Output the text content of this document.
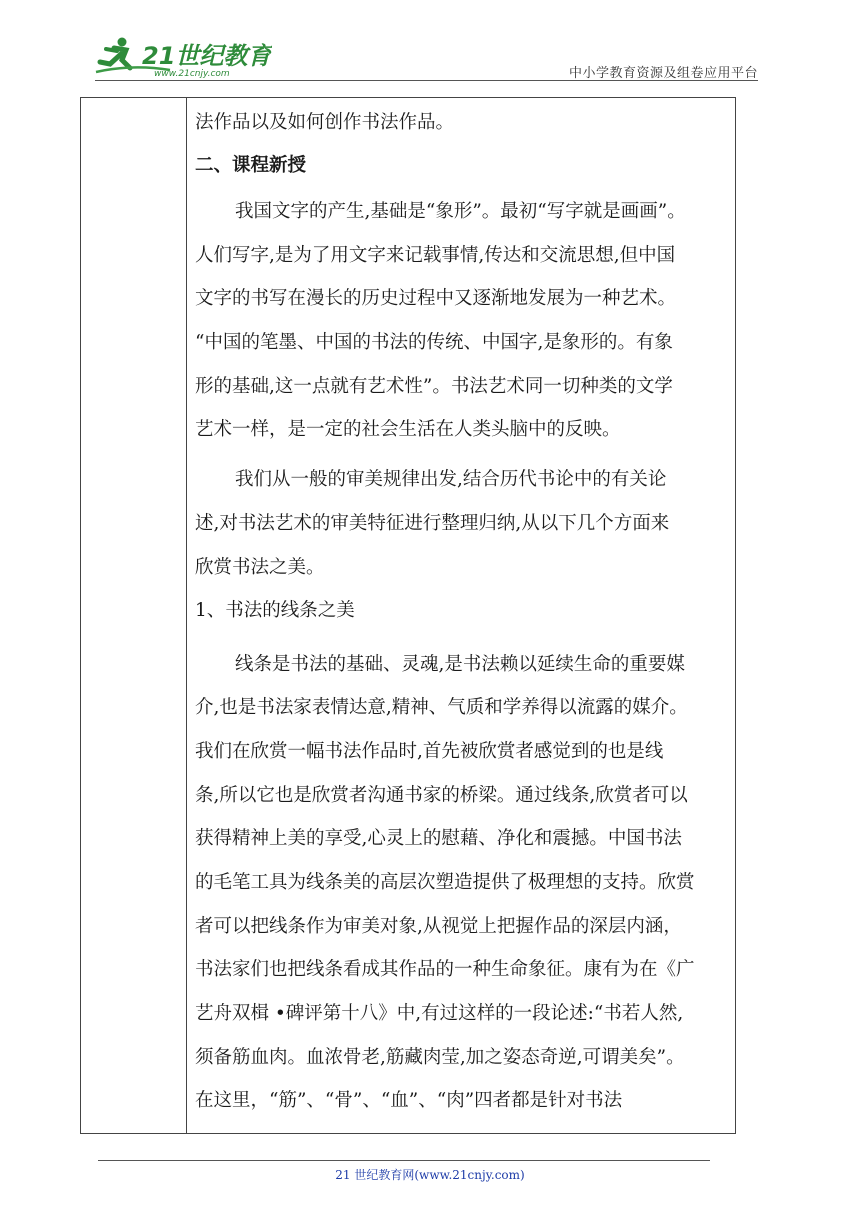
21世纪教育
www.21cnjy.com	中小学教育资源及组卷应用平台
法作品以及如何创作书法作品。
二、课程新授
我国文字的产生,基础是“象形”。最初“写字就是画画”。
人们写字,是为了用文字来记载事情,传达和交流思想,但中国
文字的书写在漫长的历史过程中又逐渐地发展为一种艺术。
“中国的笔墨、中国的书法的传统、中国字,是象形的。有象
形的基础,这一点就有艺术性”。书法艺术同一切种类的文学
艺术一样，是一定的社会生活在人类头脑中的反映。
我们从一般的审美规律出发,结合历代书论中的有关论
述,对书法艺术的审美特征进行整理归纳,从以下几个方面来
欣赏书法之美。
1、书法的线条之美
线条是书法的基础、灵魂,是书法赖以延续生命的重要媒
介,也是书法家表情达意,精神、气质和学养得以流露的媒介。
我们在欣赏一幅书法作品时,首先被欣赏者感觉到的也是线
条,所以它也是欣赏者沟通书家的桥梁。通过线条,欣赏者可以
获得精神上美的享受,心灵上的慰藉、净化和震撼。中国书法
的毛笔工具为线条美的高层次塑造提供了极理想的支持。欣赏
者可以把线条作为审美对象,从视觉上把握作品的深层内涵，
书法家们也把线条看成其作品的一种生命象征。康有为在《广
艺舟双楫 •碑评第十八》中,有过这样的一段论述:“书若人然,
须备筋血肉。血浓骨老,筋藏肉莹,加之姿态奇逆,可谓美矣”。
在这里，“筋”、“骨”、“血”、“肉”四者都是针对书法
21 世纪教育网(www.21cnjy.com)
